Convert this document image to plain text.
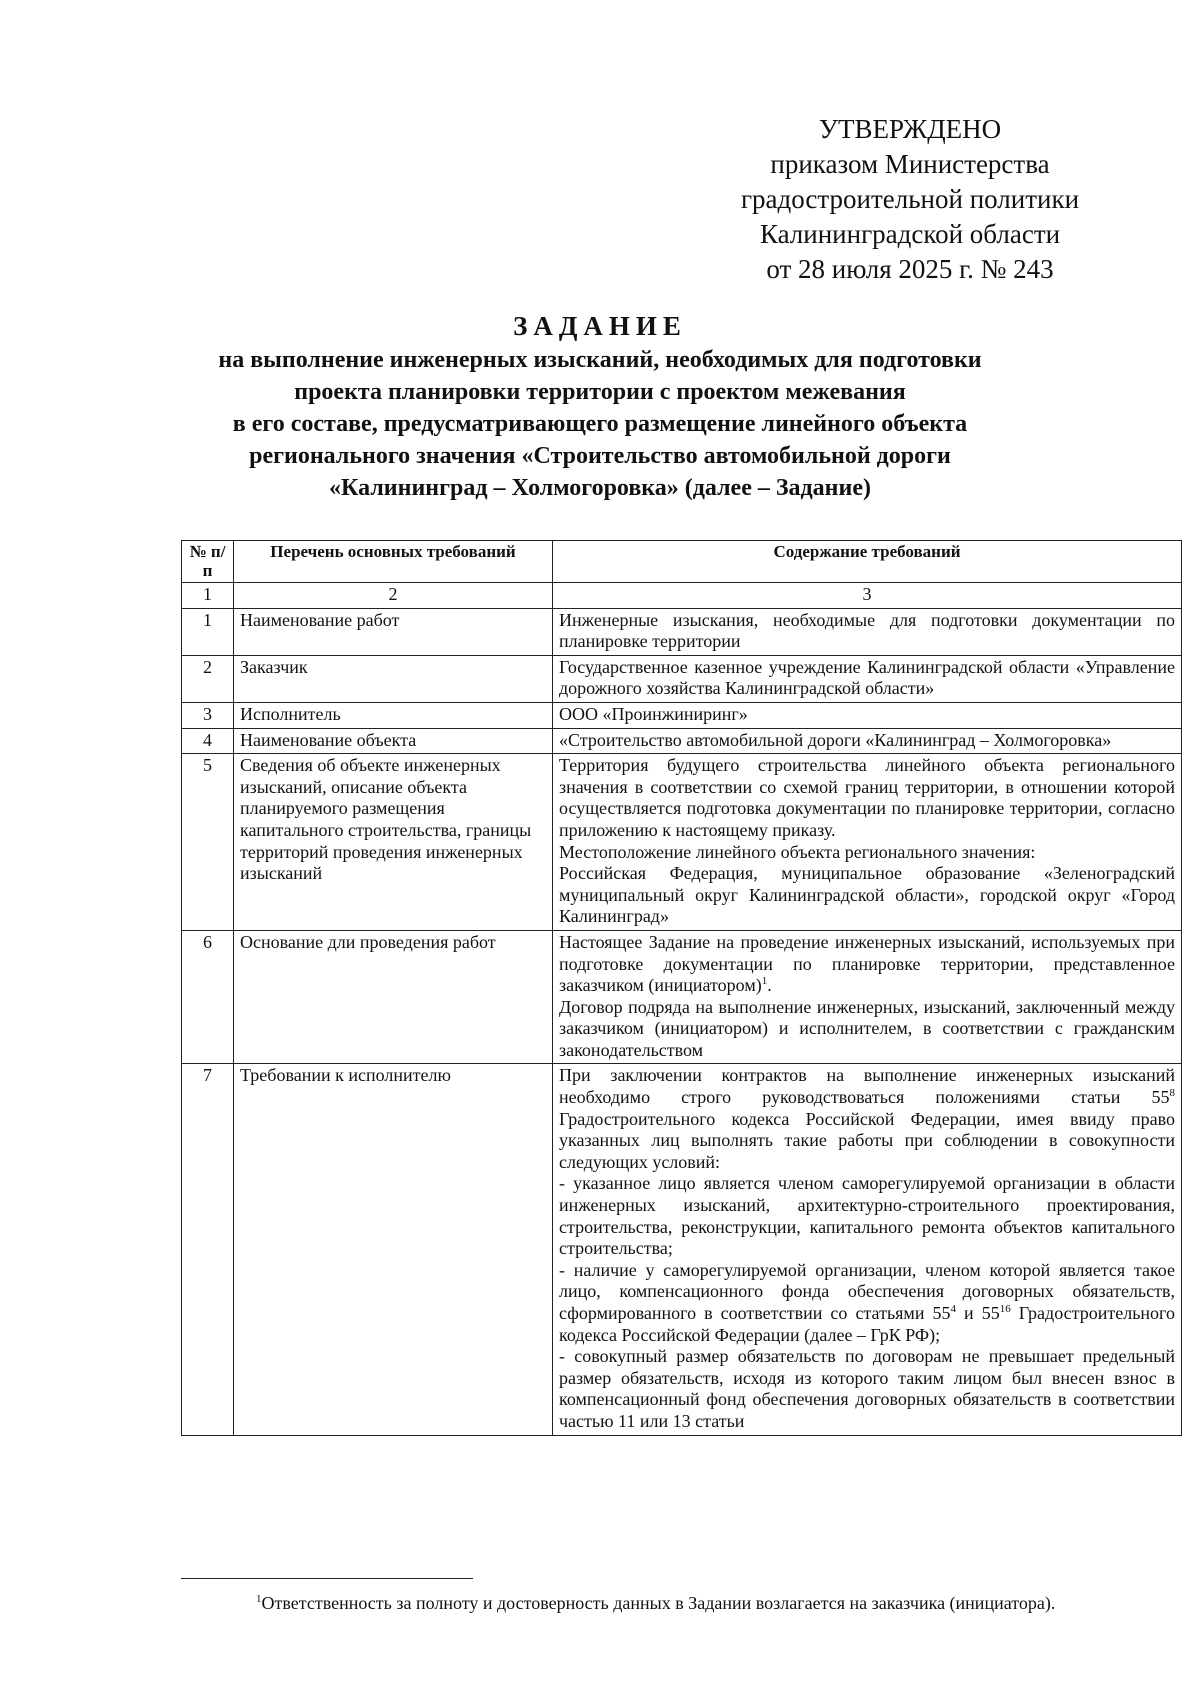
УТВЕРЖДЕНО
приказом Министерства
градостроительной политики
Калининградской области
от 28 июля 2025 г. № 243
ЗАДАНИЕ
на выполнение инженерных изысканий, необходимых для подготовки
проекта планировки территории с проектом межевания
в его составе, предусматривающего размещение линейного объекта
регионального значения «Строительство автомобильной дороги
«Калининград – Холмогоровка» (далее – Задание)
№ п/п	Перечень основных требований	Содержание требований
1	2	3
1	Наименование работ	Инженерные изыскания, необходимые для подготовки документации по планировке территории
2	Заказчик	Государственное казенное учреждение Калининградской области «Управление дорожного хозяйства Калининградской области»
3	Исполнитель	ООО «Проинжиниринг»
4	Наименование объекта	«Строительство автомобильной дороги «Калининград – Холмогоровка»
5	Сведения об объекте инженерных изысканий, описание объекта планируемого размещения капитального строительства, границы территорий проведения инженерных изысканий	Территория будущего строительства линейного объекта регионального значения в соответствии со схемой границ территории, в отношении которой осуществляется подготовка документации по планировке территории, согласно приложению к настоящему приказу.

Местоположение линейного объекта регионального значения:

Российская Федерация, муниципальное образование «Зеленоградский муниципальный округ Калининградской области», городской округ «Город Калининград»

6	Основание дли проведения работ	Настоящее Задание на проведение инженерных изысканий, используемых при подготовке документации по планировке территории, представленное заказчиком (инициатором)$^1$.

Договор подряда на выполнение инженерных, изысканий, заключенный между заказчиком (инициатором) и исполнителем, в соответствии с гражданским законодательством

7	Требовании к исполнителю	При заключении контрактов на выполнение инженерных изысканий необходимо строго руководствоваться положениями статьи $55^8$ Градостроительного кодекса Российской Федерации, имея ввиду право указанных лиц выполнять такие работы при соблюдении в совокупности следующих условий:

- указанное лицо является членом саморегулируемой организации в области инженерных изысканий, архитектурно-строительного проектирования, строительства, реконструкции, капитального ремонта объектов капитального строительства;

- наличие у саморегулируемой организации, членом которой является такое лицо, компенсационного фонда обеспечения договорных обязательств, сформированного в соответствии со статьями $55^4$ и $55^{16}$ Градостроительного кодекса Российской Федерации (далее – ГрК РФ);

- совокупный размер обязательств по договорам не превышает предельный размер обязательств, исходя из которого таким лицом был внесен взнос в компенсационный фонд обеспечения договорных обязательств в соответствии частью 11 или 13 статьи

$^1$Ответственность за полноту и достоверность данных в Задании возлагается на заказчика (инициатора).
